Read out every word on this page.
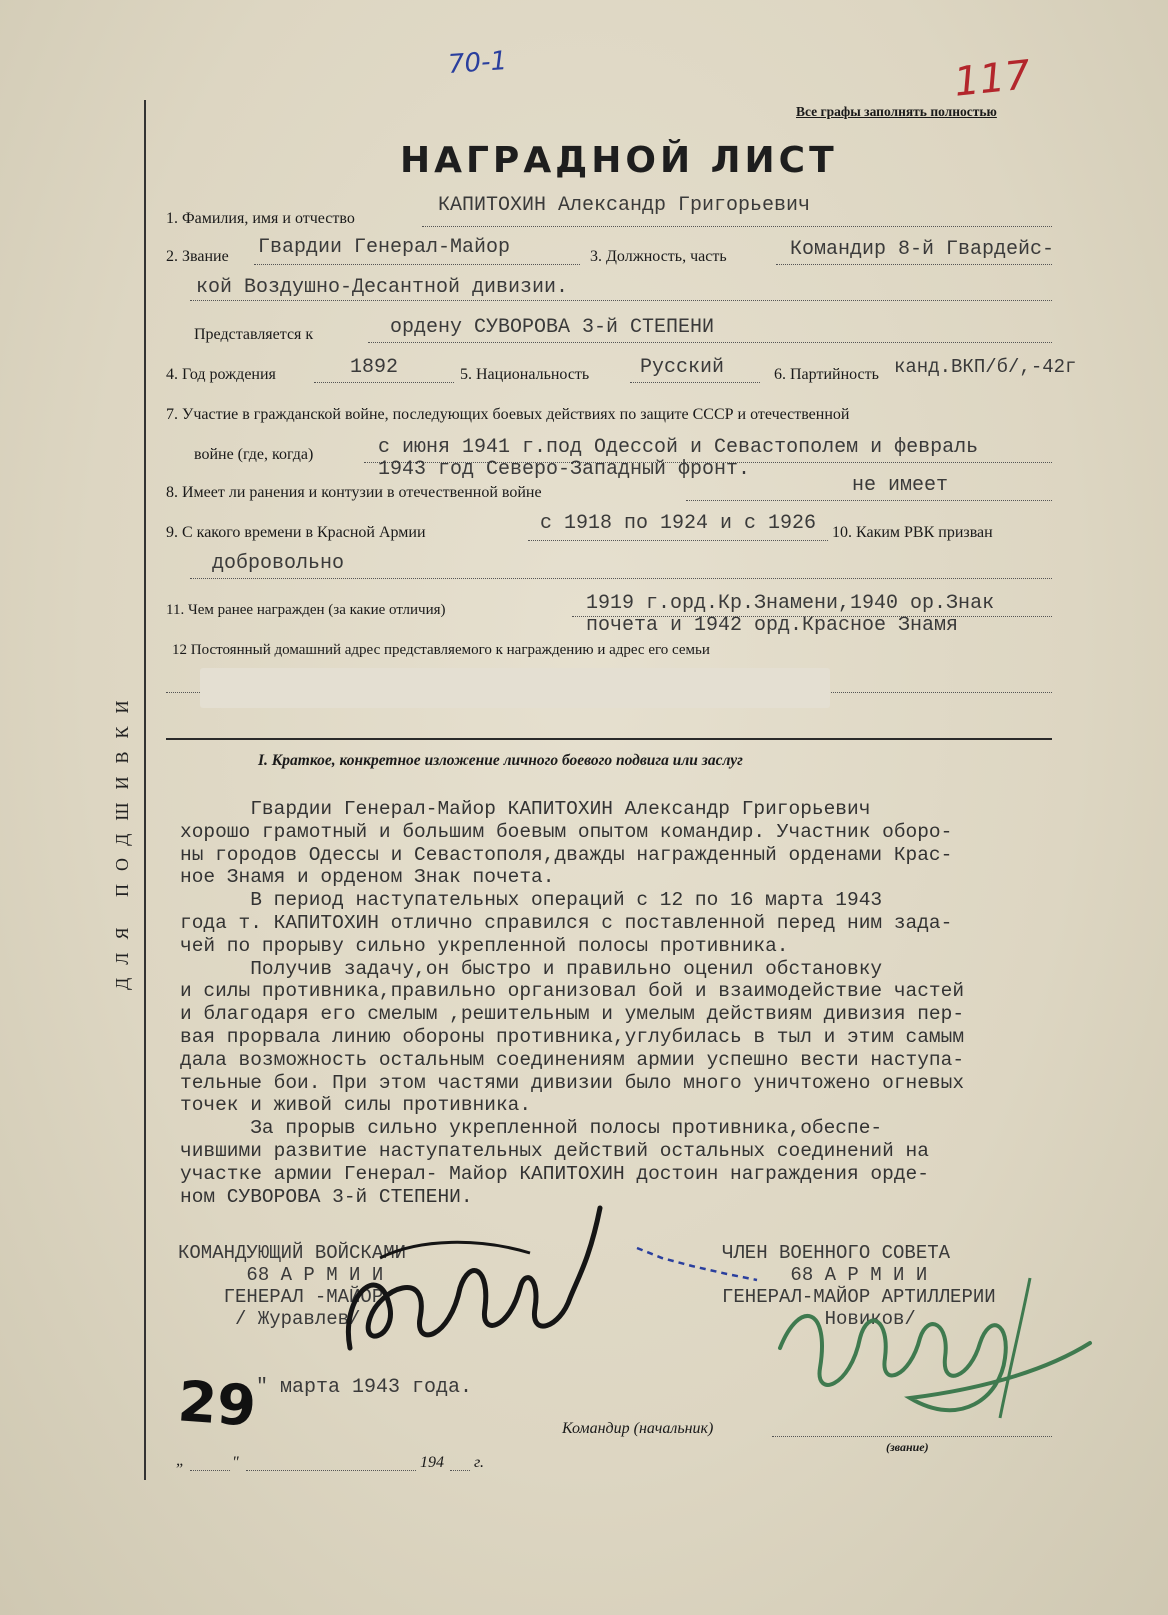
70-1	117
Все графы заполнять полностью
НАГРАДНОЙ ЛИСТ
ДЛЯ ПОДШИВКИ
1. Фамилия, имя и отчество
КАПИТОХИН Александр Григорьевич
2. Звание Гвардии Генерал-Майор	3. Должность, часть	Командир 8-й Гвардейс-
кой Воздушно-Десантной дивизии.
Представляется к	ордену СУВОРОВА 3-й СТЕПЕНИ
4. Год рождения	1892	5. Национальность	Русский	6. Партийность канд.ВКП/б/,-42г
7. Участие в гражданской войне, последующих боевых действиях по защите СССР и отечественной
войне (где, когда)	с июня 1941 г.под Одессой и Севастополем и февраль
1943 год Северо-Западный фронт.
8. Имеет ли ранения и контузии в отечественной войне	не имеет
9. С какого времени в Красной Армии	с 1918 по 1924 и с 1926 10. Каким РВК призван
добровольно
11. Чем ранее награжден (за какие отличия)	1919 г.орд.Кр.Знамени,1940 ор.Знак
почета и 1942 орд.Красное Знамя
12 Постоянный домашний адрес представляемого к награждению и адрес его семьи
I. Краткое, конкретное изложение личного боевого подвига или заслуг
Гвардии Генерал-Майор КАПИТОХИН Александр Григорьевич
хорошо грамотный и большим боевым опытом командир. Участник оборо-
ны городов Одессы и Севастополя,дважды награжденный орденами Крас-
ное Знамя и орденом Знак почета.
В период наступательных операций с 12 по 16 марта 1943
года т. КАПИТОХИН отлично справился с поставленной перед ним зада-
чей по прорыву сильно укрепленной полосы противника.
Получив задачу,он быстро и правильно оценил обстановку
и силы противника,правильно организовал бой и взаимодействие частей
и благодаря его смелым ,решительным и умелым действиям дивизия пер-
вая прорвала линию обороны противника,углубилась в тыл и этим самым
дала возможность остальным соединениям армии успешно вести наступа-
тельные бои. При этом частями дивизии было много уничтожено огневых
точек и живой силы противника.
За прорыв сильно укрепленной полосы противника,обеспе-
чившими развитие наступательных действий остальных соединений на
участке армии Генерал- Майор КАПИТОХИН достоин награждения орде-
ном СУВОРОВА 3-й СТЕПЕНИ.
КОМАНДУЮЩИЙ ВОЙСКАМИ
68 А Р М И И
ГЕНЕРАЛ -МАЙОР
/ Журавлев/
ЧЛЕН ВОЕННОГО СОВЕТА
68 А Р М И И
ГЕНЕРАЛ-МАЙОР АРТИЛЛЕРИИ
Новиков/
29
" марта 1943 года.
Командир (начальник)
(звание)
„	"	194 г.
